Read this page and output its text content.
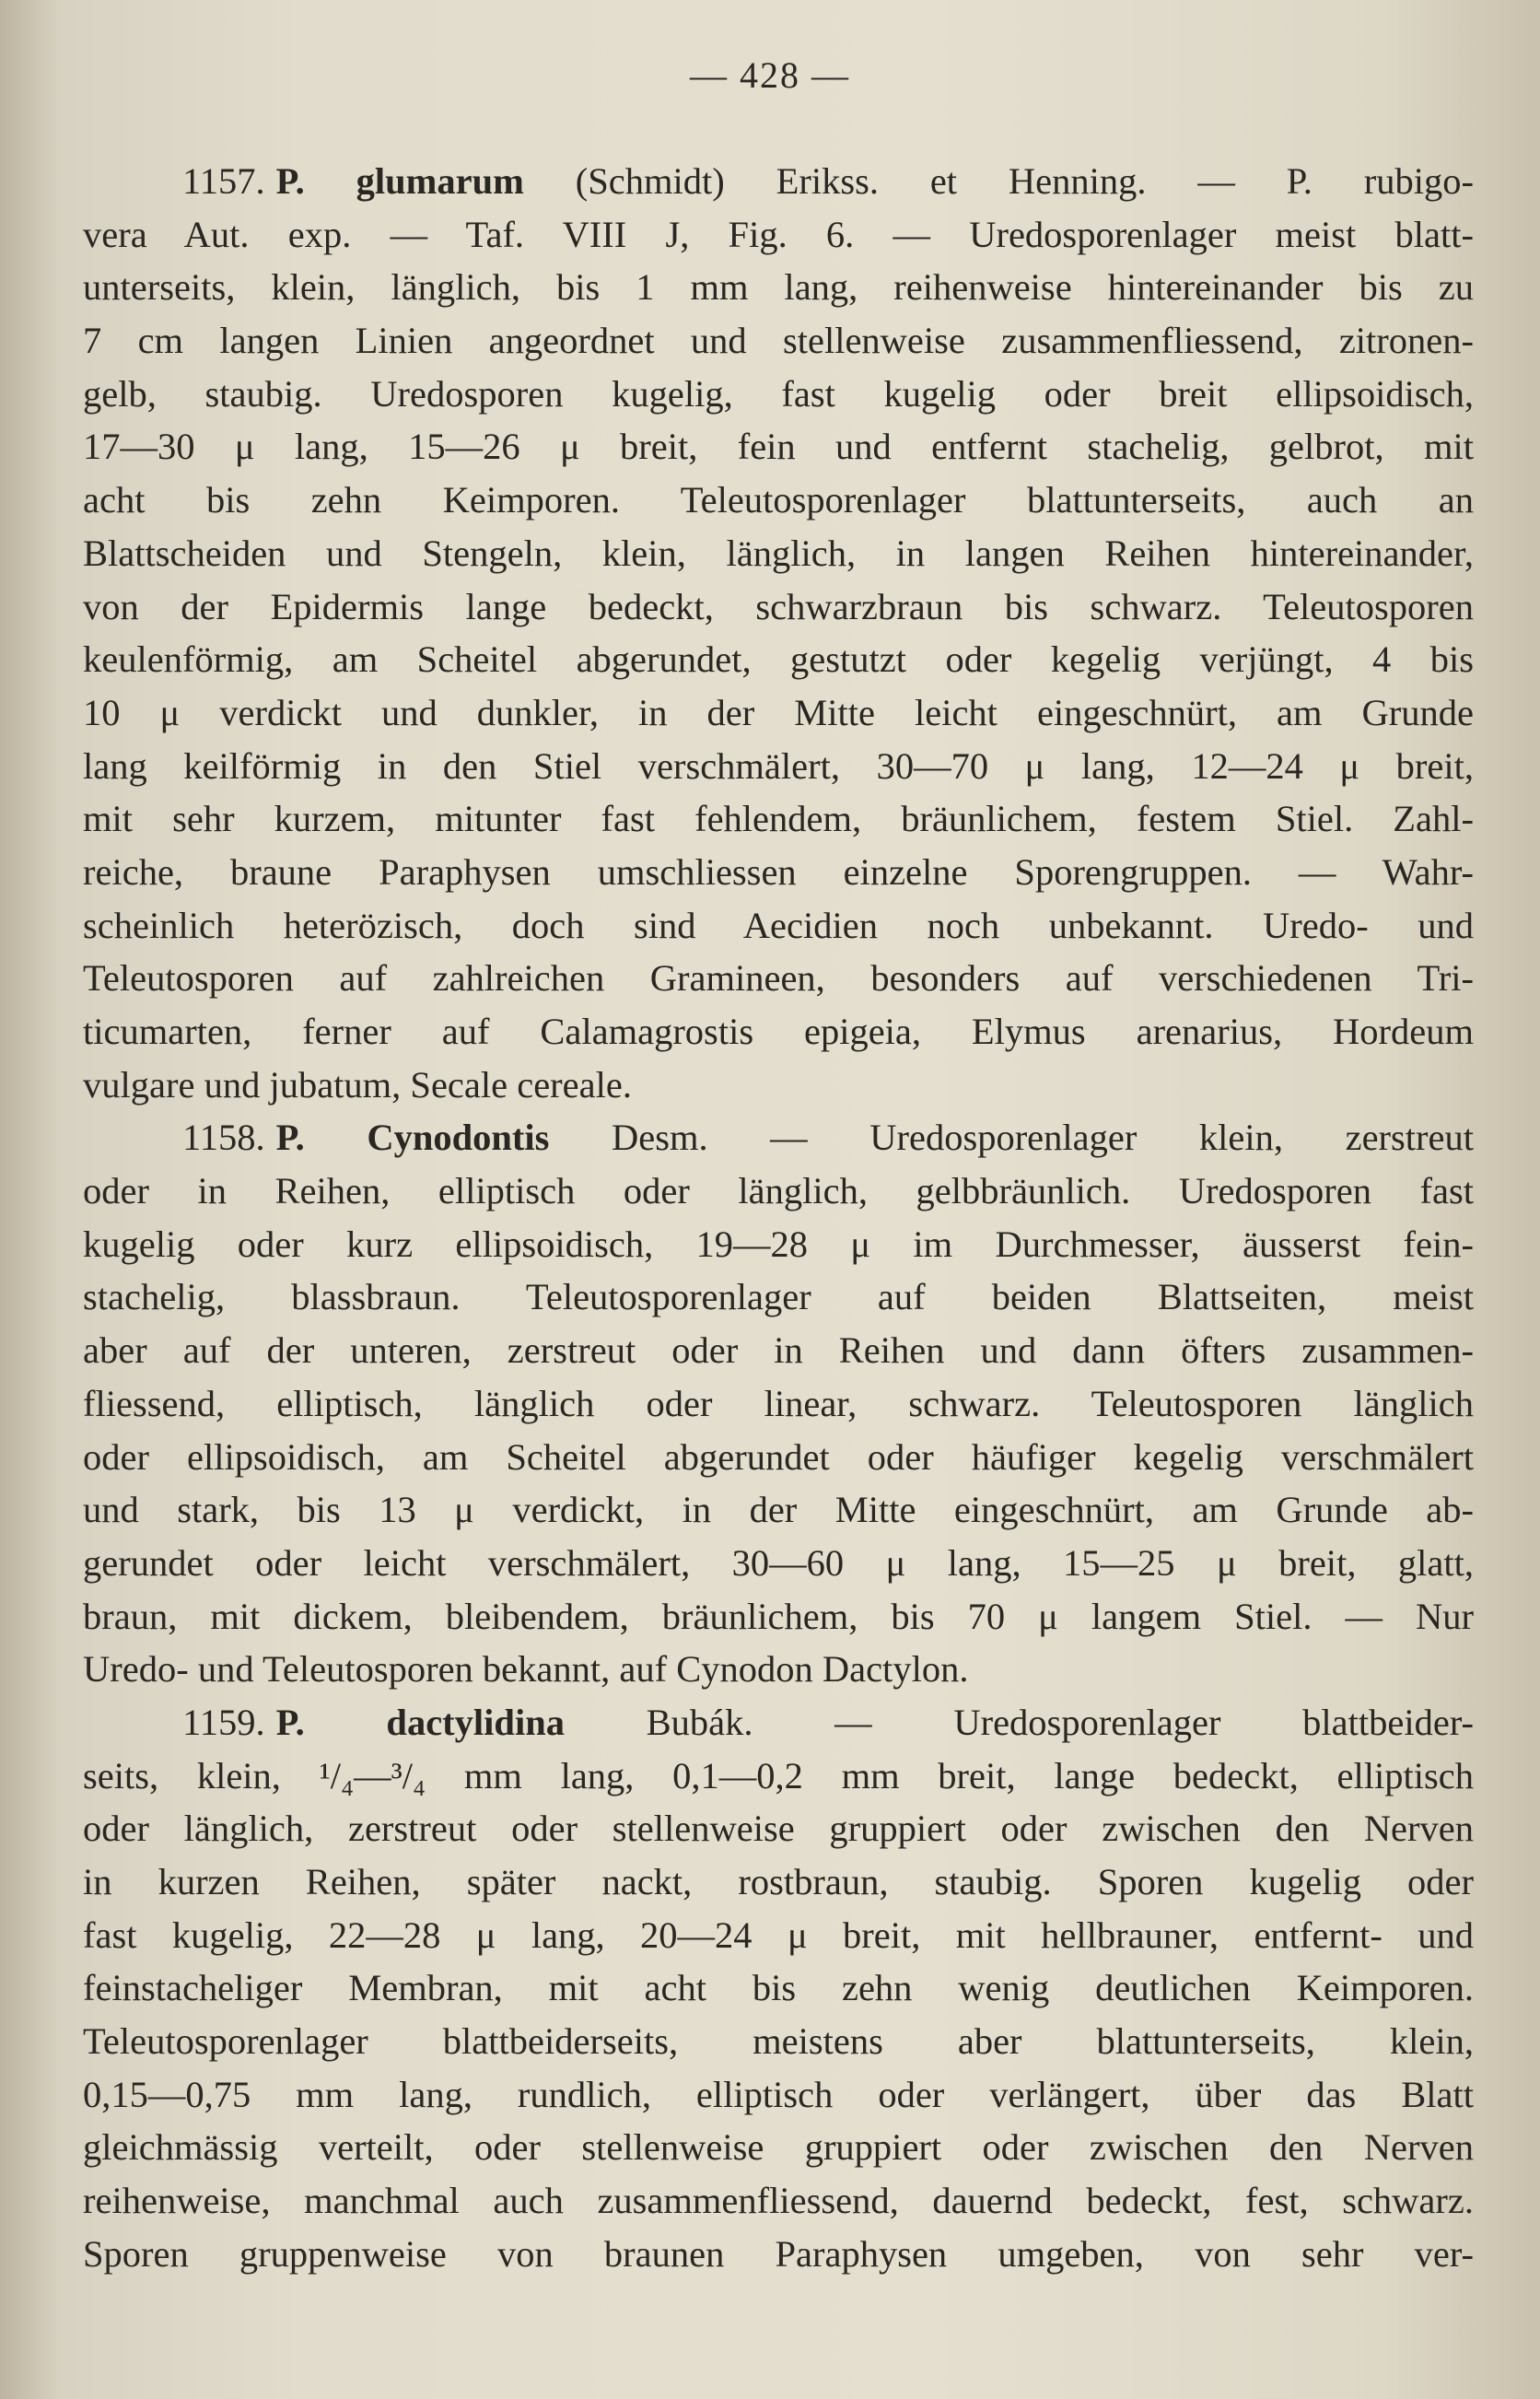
— 428 —
1157. P. glumarum (Schmidt) Erikss. et Henning. — P. rubigo-
vera Aut. exp. — Taf. VIII J, Fig. 6. — Uredosporenlager meist blatt-
unterseits, klein, länglich, bis 1 mm lang, reihenweise hintereinander bis zu
7 cm langen Linien angeordnet und stellenweise zusammenfliessend, zitronen-
gelb, staubig. Uredosporen kugelig, fast kugelig oder breit ellipsoidisch,
17—30 μ lang, 15—26 μ breit, fein und entfernt stachelig, gelbrot, mit
acht bis zehn Keimporen. Teleutosporenlager blattunterseits, auch an
Blattscheiden und Stengeln, klein, länglich, in langen Reihen hintereinander,
von der Epidermis lange bedeckt, schwarzbraun bis schwarz. Teleutosporen
keulenförmig, am Scheitel abgerundet, gestutzt oder kegelig verjüngt, 4 bis
10 μ verdickt und dunkler, in der Mitte leicht eingeschnürt, am Grunde
lang keilförmig in den Stiel verschmälert, 30—70 μ lang, 12—24 μ breit,
mit sehr kurzem, mitunter fast fehlendem, bräunlichem, festem Stiel. Zahl-
reiche, braune Paraphysen umschliessen einzelne Sporengruppen. — Wahr-
scheinlich heterözisch, doch sind Aecidien noch unbekannt. Uredo- und
Teleutosporen auf zahlreichen Gramineen, besonders auf verschiedenen Tri-
ticumarten, ferner auf Calamagrostis epigeia, Elymus arenarius, Hordeum
vulgare und jubatum, Secale cereale.
1158. P. Cynodontis Desm. — Uredosporenlager klein, zerstreut
oder in Reihen, elliptisch oder länglich, gelbbräunlich. Uredosporen fast
kugelig oder kurz ellipsoidisch, 19—28 μ im Durchmesser, äusserst fein-
stachelig, blassbraun. Teleutosporenlager auf beiden Blattseiten, meist
aber auf der unteren, zerstreut oder in Reihen und dann öfters zusammen-
fliessend, elliptisch, länglich oder linear, schwarz. Teleutosporen länglich
oder ellipsoidisch, am Scheitel abgerundet oder häufiger kegelig verschmälert
und stark, bis 13 μ verdickt, in der Mitte eingeschnürt, am Grunde ab-
gerundet oder leicht verschmälert, 30—60 μ lang, 15—25 μ breit, glatt,
braun, mit dickem, bleibendem, bräunlichem, bis 70 μ langem Stiel. — Nur
Uredo- und Teleutosporen bekannt, auf Cynodon Dactylon.
1159. P. dactylidina Bubák. — Uredosporenlager blattbeider-
seits, klein, ¹/₄—³/₄ mm lang, 0,1—0,2 mm breit, lange bedeckt, elliptisch
oder länglich, zerstreut oder stellenweise gruppiert oder zwischen den Nerven
in kurzen Reihen, später nackt, rostbraun, staubig. Sporen kugelig oder
fast kugelig, 22—28 μ lang, 20—24 μ breit, mit hellbrauner, entfernt- und
feinstacheliger Membran, mit acht bis zehn wenig deutlichen Keimporen.
Teleutosporenlager blattbeiderseits, meistens aber blattunterseits, klein,
0,15—0,75 mm lang, rundlich, elliptisch oder verlängert, über das Blatt
gleichmässig verteilt, oder stellenweise gruppiert oder zwischen den Nerven
reihenweise, manchmal auch zusammenfliessend, dauernd bedeckt, fest, schwarz.
Sporen gruppenweise von braunen Paraphysen umgeben, von sehr ver-
